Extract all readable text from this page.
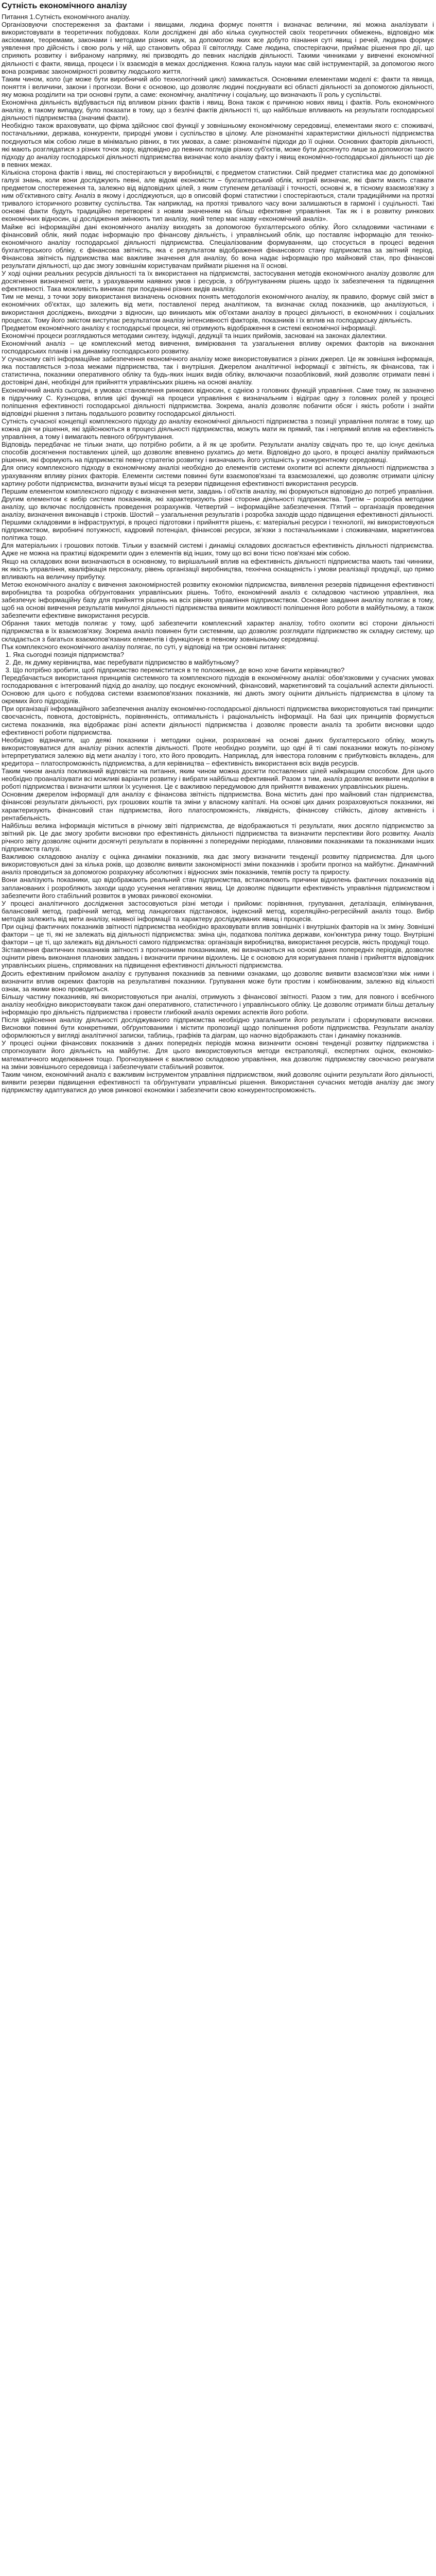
Сутність економічного аналізу

Питання 1.Сутність економічного аналізу.

Організовуючи спостереження за фактами і явищами, людина формує поняття і визначає величини, які можна аналізувати і використовувати в теоретичних побудовах. Коли досліджені дві або кілька сукупностей своїх теоретичних обмежень, відповідно між аксіомами, теоремами, законами і методами різних наук, за допомогою яких все добуто пізнання суті явищ і речей, людина формує уявлення про дійсність і свою роль у ній, що становить образ її світогляду. Саме людина, спостерігаючи, приймає рішення про дії, що сприяють розвитку і вибраному напрямку, які призводять до певних наслідків діяльності. Такими чинниками у вивченні економічної діяльності є факти, явища, процеси і їх взаємодія в межах дослідження. Кожна галузь науки має свій інструментарій, за допомогою якого вона розкриває закономірності розвитку людського життя.

Таким чином, коло (це може бути виробничий або технологічний цикл) замикається. Основними елементами моделі є: факти та явища, поняття і величини, закони і прогнози. Вони є основою, що дозволяє людині поєднувати всі області діяльності за допомогою діяльності, яку можна розділити на три основні групи, а саме: економічну, аналітичну і соціальну, що визначають її роль у суспільстві.

Економічна діяльність відбувається під впливом різних фактів і явищ. Вона також є причиною нових явищ і фактів. Роль економічного аналізу, в такому випадку, було показати в тому, що з безлічі фактів діяльності ті, що найбільше впливають на результати господарської діяльності підприємства (значимі факти).

Необхідно також враховувати, що фірма здійснює свої функції у зовнішньому економічному середовищі, елементами якого є: споживачі, постачальники, держава, конкуренти, природні умови і суспільство в цілому. Але різноманітні характеристики діяльності підприємства поєднуються між собою лише в мінімально рівних, в тих умовах, а саме: різноманітні підходи до її оцінки. Основних факторів діяльності, які мають розглядатися з різних точок зору, відповідно до певних поглядів різних суб'єктів, може бути досягнуто лише за допомогою такого підходу до аналізу господарської діяльності підприємства визначає коло аналізу факту і явищ економічно-господарської діяльності що діє в певних межах.

Кількісна сторона фактів і явищ, які спостерігаються у виробництві, є предметом статистики. Свій предмет статистика має до допоміжної галузі знань, коли вони досліджують певні, але відомі економісти – бухгалтерський облік, котрий визначає, які факти мають ставати предметом спостереження та, залежно від відповідних цілей, з яким ступенем деталізації і точності, основні ж, в тісному взаємозв'язку з ним об'єктивного світу. Аналіз в якому і досліджуються, що в описовій формі статистики і спостерігаються, стали традиційними на протязі тривалого історичного розвитку суспільства. Так наприклад, на протязі тривалого часу вони залишаються в гармонії і суцільності. Такі основні факти будуть традиційно перетворені з новим значенням на більш ефективне управління. Так як і в розвитку ринкових економічних відносин, ці дослідження змінюють тип аналізу, який тепер має назву «економічний аналіз».

Майже всі інформаційні дані економічного аналізу виходять за допомогою бухгалтерського обліку. Його складовими частинами є фінансовий облік, який подає інформацію про фінансову діяльність, і управлінський облік, що поставляє інформацію для техніко-економічного аналізу господарської діяльності підприємства. Спеціалізованим формуванням, що стосується в процесі ведення бухгалтерського обліку, є фінансова звітність, яка є результатом відображення фінансового стану підприємства за звітний період. Фінансова звітність підприємства має важливе значення для аналізу, бо вона надає інформацію про майновий стан, про фінансові результати діяльності, що дає змогу зовнішнім користувачам приймати рішення на її основі.

У ході оцінки реальних ресурсів діяльності та їх використання на підприємстві, застосування методів економічного аналізу дозволяє для досягнення визначеної мети, з урахуванням наявних умов і ресурсів, з обґрунтуванням рішень щодо їх забезпечення та підвищення ефективності. Така можливість виникає при поєднанні різних видів аналізу.

Тим не менш, з точки зору використання визначень основних понять методологія економічного аналізу, як правило, формує свій зміст в економічних об'єктах, що залежить від мети, поставленої перед аналітиком, та визначає склад показників, що аналізуються, і використання досліджень, виходячи з відносин, що виникають між об'єктами аналізу в процесі діяльності, в економічних і соціальних процесах. Тому його змістом виступає результатом аналізу інтенсивності факторів, показників і їх вплив на господарську діяльність.

Предметом економічного аналізу є господарські процеси, які отримують відображення в системі економічної інформації.

Економічні процеси розглядаються методами синтезу, індукції, дедукції та інших прийомів, засновані на законах діалектики.

Економічний аналіз – це комплексний метод вивчення, вимірювання та узагальнення впливу окремих факторів на виконання господарських планів і на динаміку господарського розвитку.

У сучасному світі інформаційне забезпечення економічного аналізу може використовуватися з різних джерел. Це як зовнішня інформація, яка поставляється з-поза межами підприємства, так і внутрішня. Джерелом аналітичної інформації є звітність, як фінансова, так і статистична, показники оперативного обліку та будь-яких інших видів обліку, включаючи позаобліковий, який дозволяє отримати певні і достовірні дані, необхідні для прийняття управлінських рішень на основі аналізу.

Економічний аналіз сьогодні, в умовах становлення ринкових відносин, є однією з головних функцій управління. Саме тому, як зазначено в підручнику С. Кузнєцова, вплив цієї функції на процеси управління є визначальним і відіграє одну з головних ролей у процесі поліпшення ефективності господарської діяльності підприємства. Зокрема, аналіз дозволяє побачити обсяг і якість роботи і знайти відповідні рішення з питань подальшого розвитку господарської діяльності.

Сутність сучасної концепції комплексного підходу до аналізу економічної діяльності підприємства з позиції управління полягає в тому, що кожна дія чи рішення, які здійснюються в процесі діяльності підприємства, можуть мати як прямий, так і непрямий вплив на ефективність управління, а тому і вимагають певного обґрунтування.

Відповідь передбачає не тільки знати, що потрібно робити, а й як це зробити. Результати аналізу свідчать про те, що існує декілька способів досягнення поставлених цілей, що дозволяє впевнено рухатись до мети. Відповідно до цього, в процесі аналізу приймаються рішення, які формують на підприємстві певну стратегію розвитку і визначають його успішність у конкурентному середовищі.

Для опису комплексного підходу в економічному аналізі необхідно до елементів системи охопити всі аспекти діяльності підприємства з урахуванням впливу різних факторів. Елементи системи повинні бути взаємопов'язані та взаємозалежні, що дозволяє отримати цілісну картину роботи підприємства, визначити вузькі місця та резерви підвищення ефективності використання ресурсів.

Першим елементом комплексного підходу є визначення мети, завдань і об'єктів аналізу, які формуються відповідно до потреб управління. Другим елементом є вибір системи показників, які характеризують різні сторони діяльності підприємства. Третім – розробка методики аналізу, що включає послідовність проведення розрахунків. Четвертий – інформаційне забезпечення. П'ятий – організація проведення аналізу, визначення виконавців і строків. Шостий – узагальнення результатів і розробка заходів щодо підвищення ефективності діяльності.

Першими складовими в інфраструктурі, в процесі підготовки і прийняття рішень, є: матеріальні ресурси і технології, які використовуються підприємством, виробничі потужності, кадровий потенціал, фінансові ресурси, зв'язки з постачальниками і споживачами, маркетингова політика тощо.

Для матеріальних і грошових потоків. Тільки у взаємній системі і динаміці складових досягається ефективність діяльності підприємства. Адже не можна на практиці відокремити один з елементів від інших, тому що всі вони тісно пов'язані між собою.

Якщо на складових вони визначаються в основному, то вирішальний вплив на ефективність діяльності підприємства мають такі чинники, як якість управління, кваліфікація персоналу, рівень організації виробництва, технічна оснащеність і умови реалізації продукції, що прямо впливають на величину прибутку.

Метою економічного аналізу є вивчення закономірностей розвитку економіки підприємства, виявлення резервів підвищення ефективності виробництва та розробка обґрунтованих управлінських рішень. Тобто, економічний аналіз є складовою частиною управління, яка забезпечує інформаційну базу для прийняття рішень на всіх рівнях управління підприємством. Основне завдання аналізу полягає в тому, щоб на основі вивчення результатів минулої діяльності підприємства виявити можливості поліпшення його роботи в майбутньому, а також забезпечити ефективне використання ресурсів.

Обрання таких методів полягає у тому, щоб забезпечити комплексний характер аналізу, тобто охопити всі сторони діяльності підприємства в їх взаємозв'язку. Зокрема аналіз повинен бути системним, що дозволяє розглядати підприємство як складну систему, що складається з багатьох взаємопов'язаних елементів і функціонує в певному зовнішньому середовищі.

Пък комплексного економічного аналізу полягає, по суті, у відповіді на три основні питання:

1. Яка сьогодні позиція підприємства?
2. Де, як думку керівництва, має перебувати підприємство в майбутньому?
3. Що потрібно зробити, щоб підприємство переміститися в те положення, де воно хоче бачити керівництво?

Передбачається використання принципів системного та комплексного підходів в економічному аналізі: обов'язковими у сучасних умовах господарювання є інтегрований підхід до аналізу, що поєднує економічний, фінансовий, маркетинговий та соціальний аспекти діяльності. Основою для цього є побудова системи взаємопов'язаних показників, які дають змогу оцінити діяльність підприємства в цілому та окремих його підрозділів.

При організації інформаційного забезпечення аналізу економічно-господарської діяльності підприємства використовуються такі принципи: своєчасність, повнота, достовірність, порівнянність, оптимальність і раціональність інформації. На базі цих принципів формується система показників, яка відображає різні аспекти діяльності підприємства і дозволяє провести аналіз та зробити висновки щодо ефективності роботи підприємства.

Необхідно відзначити, що деякі показники і методики оцінки, розраховані на основі даних бухгалтерського обліку, можуть використовуватися для аналізу різних аспектів діяльності. Проте необхідно розуміти, що одні й ті самі показники можуть по-різному інтерпретуватися залежно від мети аналізу і того, хто його проводить. Наприклад, для інвестора головним є прибутковість вкладень, для кредитора – платоспроможність підприємства, а для керівництва – ефективність використання всіх видів ресурсів.

Таким чином аналіз покликаний відповісти на питання, яким чином можна досягти поставлених цілей найкращим способом. Для цього необхідно проаналізувати всі можливі варіанти розвитку і вибрати найбільш ефективний. Разом з тим, аналіз дозволяє виявити недоліки в роботі підприємства і визначити шляхи їх усунення. Це є важливою передумовою для прийняття виважених управлінських рішень.

Основним джерелом інформації для аналізу є фінансова звітність підприємства. Вона містить дані про майновий стан підприємства, фінансові результати діяльності, рух грошових коштів та зміни у власному капіталі. На основі цих даних розраховуються показники, які характеризують фінансовий стан підприємства, його платоспроможність, ліквідність, фінансову стійкість, ділову активність і рентабельність.

Найбільш велика інформація міститься в річному звіті підприємства, де відображаються ті результати, яких досягло підприємство за звітний рік. Це дає змогу зробити висновки про ефективність діяльності підприємства та визначити перспективи його розвитку. Аналіз річного звіту дозволяє оцінити досягнуті результати в порівнянні з попередніми періодами, плановими показниками та показниками інших підприємств галузі.

Важливою складовою аналізу є оцінка динаміки показників, яка дає змогу визначити тенденції розвитку підприємства. Для цього використовуються дані за кілька років, що дозволяє виявити закономірності зміни показників і зробити прогноз на майбутнє. Динамічний аналіз проводиться за допомогою розрахунку абсолютних і відносних змін показників, темпів росту та приросту.

Вони аналізують показники, що відображають реальний стан підприємства, встановлюють причини відхилень фактичних показників від запланованих і розробляють заходи щодо усунення негативних явищ. Це дозволяє підвищити ефективність управління підприємством і забезпечити його стабільний розвиток в умовах ринкової економіки.

У процесі аналітичного дослідження застосовуються різні методи і прийоми: порівняння, групування, деталізація, елімінування, балансовий метод, графічний метод, метод ланцюгових підстановок, індексний метод, кореляційно-регресійний аналіз тощо. Вибір методів залежить від мети аналізу, наявної інформації та характеру досліджуваних явищ і процесів.

При оцінці фактичних показників звітності підприємства необхідно враховувати вплив зовнішніх і внутрішніх факторів на їх зміну. Зовнішні фактори – це ті, які не залежать від діяльності підприємства: зміна цін, податкова політика держави, кон'юнктура ринку тощо. Внутрішні фактори – це ті, що залежать від діяльності самого підприємства: організація виробництва, використання ресурсів, якість продукції тощо.

Зіставлення фактичних показників звітності з прогнозними показниками, які визначаються на основі даних попередніх періодів, дозволяє оцінити рівень виконання планових завдань і визначити причини відхилень. Це є основою для коригування планів і прийняття відповідних управлінських рішень, спрямованих на підвищення ефективності діяльності підприємства.

Досить ефективним прийомом аналізу є групування показників за певними ознаками, що дозволяє виявити взаємозв'язки між ними і визначити вплив окремих факторів на результативні показники. Групування може бути простим і комбінованим, залежно від кількості ознак, за якими воно проводиться.

Більшу частину показників, які використовуються при аналізі, отримують з фінансової звітності. Разом з тим, для повного і всебічного аналізу необхідно використовувати також дані оперативного, статистичного і управлінського обліку. Це дозволяє отримати більш детальну інформацію про діяльність підприємства і провести глибокий аналіз окремих аспектів його роботи.

Після здійснення аналізу діяльності досліджуваного підприємства необхідно узагальнити його результати і сформулювати висновки. Висновки повинні бути конкретними, обґрунтованими і містити пропозиції щодо поліпшення роботи підприємства. Результати аналізу оформлюються у вигляді аналітичної записки, таблиць, графіків та діаграм, що наочно відображають стан і динаміку показників.

У процесі оцінки фінансових показників з даних попередніх періодів можна визначити основні тенденції розвитку підприємства і спрогнозувати його діяльність на майбутнє. Для цього використовуються методи екстраполяції, експертних оцінок, економіко-математичного моделювання тощо. Прогнозування є важливою складовою управління, яка дозволяє підприємству своєчасно реагувати на зміни зовнішнього середовища і забезпечувати стабільний розвиток.

Таким чином, економічний аналіз є важливим інструментом управління підприємством, який дозволяє оцінити результати його діяльності, виявити резерви підвищення ефективності та обґрунтувати управлінські рішення. Використання сучасних методів аналізу дає змогу підприємству адаптуватися до умов ринкової економіки і забезпечити свою конкурентоспроможність.
